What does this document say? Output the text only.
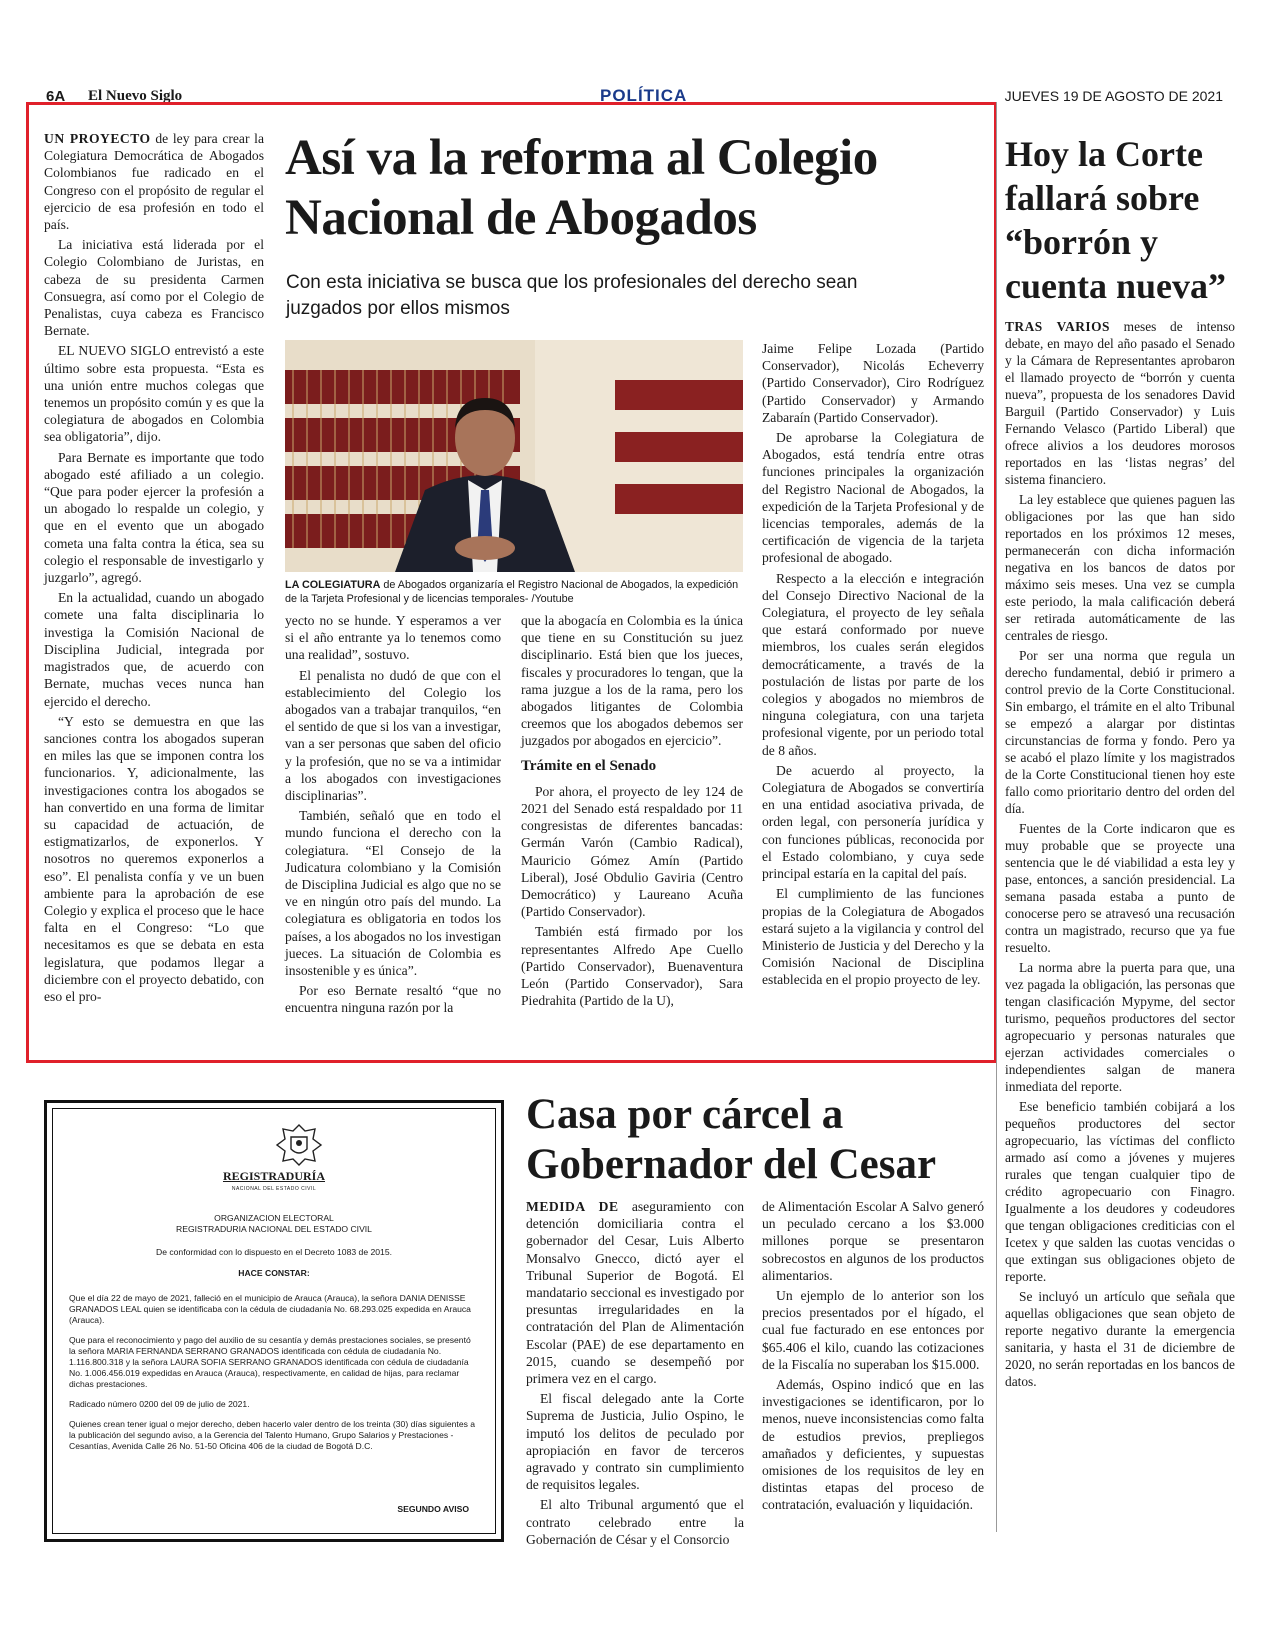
6A El Nuevo Siglo	POLÍTICA	JUEVES 19 DE AGOSTO DE 2021

UN PROYECTO de ley para crear la Colegiatura Democrática de Abogados Colombianos fue radicado en el Congreso con el propósito de regular el ejercicio de esa profesión en todo el país.

La iniciativa está liderada por el Colegio Colombiano de Juristas, en cabeza de su presidenta Carmen Consuegra, así como por el Colegio de Penalistas, cuya cabeza es Francisco Bernate.

EL NUEVO SIGLO entrevistó a este último sobre esta propuesta. “Esta es una unión entre muchos colegas que tenemos un propósito común y es que la colegiatura de abogados en Colombia sea obligatoria”, dijo.

Para Bernate es importante que todo abogado esté afiliado a un colegio. “Que para poder ejercer la profesión a un abogado lo respalde un colegio, y que en el evento que un abogado cometa una falta contra la ética, sea su colegio el responsable de investigarlo y juzgarlo”, agregó.

En la actualidad, cuando un abogado comete una falta disciplinaria lo investiga la Comisión Nacional de Disciplina Judicial, integrada por magistrados que, de acuerdo con Bernate, muchas veces nunca han ejercido el derecho.

“Y esto se demuestra en que las sanciones contra los abogados superan en miles las que se imponen contra los funcionarios. Y, adicionalmente, las investigaciones contra los abogados se han convertido en una forma de limitar su capacidad de actuación, de estigmatizarlos, de exponerlos. Y nosotros no queremos exponerlos a eso”. El penalista confía y ve un buen ambiente para la aprobación de ese Colegio y explica el proceso que le hace falta en el Congreso: “Lo que necesitamos es que se debata en esta legislatura, que podamos llegar a diciembre con el proyecto debatido, con eso el pro-

Así va la reforma al Colegio Nacional de Abogados
Con esta iniciativa se busca que los profesionales del derecho sean juzgados por ellos mismos
LA COLEGIATURA de Abogados organizaría el Registro Nacional de Abogados, la expedición de la Tarjeta Profesional y de licencias temporales- /Youtube

yecto no se hunde. Y esperamos a ver si el año entrante ya lo tenemos como una realidad”, sostuvo.

El penalista no dudó de que con el establecimiento del Colegio los abogados van a trabajar tranquilos, “en el sentido de que si los van a investigar, van a ser personas que saben del oficio y la profesión, que no se va a intimidar a los abogados con investigaciones disciplinarias”.

También, señaló que en todo el mundo funciona el derecho con la colegiatura. “El Consejo de la Judicatura colombiano y la Comisión de Disciplina Judicial es algo que no se ve en ningún otro país del mundo. La colegiatura es obligatoria en todos los países, a los abogados no los investigan jueces. La situación de Colombia es insostenible y es única”.

Por eso Bernate resaltó “que no encuentra ninguna razón por la

que la abogacía en Colombia es la única que tiene en su Constitución su juez disciplinario. Está bien que los jueces, fiscales y procuradores lo tengan, que la rama juzgue a los de la rama, pero los abogados litigantes de Colombia creemos que los abogados debemos ser juzgados por abogados en ejercicio”.

Trámite en el Senado

Por ahora, el proyecto de ley 124 de 2021 del Senado está respaldado por 11 congresistas de diferentes bancadas: Germán Varón (Cambio Radical), Mauricio Gómez Amín (Partido Liberal), José Obdulio Gaviria (Centro Democrático) y Laureano Acuña (Partido Conservador).

También está firmado por los representantes Alfredo Ape Cuello (Partido Conservador), Buenaventura León (Partido Conservador), Sara Piedrahita (Partido de la U),

Jaime Felipe Lozada (Partido Conservador), Nicolás Echeverry (Partido Conservador), Ciro Rodríguez (Partido Conservador) y Armando Zabaraín (Partido Conservador).

De aprobarse la Colegiatura de Abogados, está tendría entre otras funciones principales la organización del Registro Nacional de Abogados, la expedición de la Tarjeta Profesional y de licencias temporales, además de la certificación de vigencia de la tarjeta profesional de abogado.

Respecto a la elección e integración del Consejo Directivo Nacional de la Colegiatura, el proyecto de ley señala que estará conformado por nueve miembros, los cuales serán elegidos democráticamente, a través de la postulación de listas por parte de los colegios y abogados no miembros de ninguna colegiatura, con una tarjeta profesional vigente, por un periodo total de 8 años.

De acuerdo al proyecto, la Colegiatura de Abogados se convertiría en una entidad asociativa privada, de orden legal, con personería jurídica y con funciones públicas, reconocida por el Estado colombiano, y cuya sede principal estaría en la capital del país.

El cumplimiento de las funciones propias de la Colegiatura de Abogados estará sujeto a la vigilancia y control del Ministerio de Justicia y del Derecho y la Comisión Nacional de Disciplina establecida en el propio proyecto de ley.

Hoy la Corte fallará sobre “borrón y cuenta nueva”

TRAS VARIOS meses de intenso debate, en mayo del año pasado el Senado y la Cámara de Representantes aprobaron el llamado proyecto de “borrón y cuenta nueva”, propuesta de los senadores David Barguil (Partido Conservador) y Luis Fernando Velasco (Partido Liberal) que ofrece alivios a los deudores morosos reportados en las ‘listas negras’ del sistema financiero.

La ley establece que quienes paguen las obligaciones por las que han sido reportados en los próximos 12 meses, permanecerán con dicha información negativa en los bancos de datos por máximo seis meses. Una vez se cumpla este periodo, la mala calificación deberá ser retirada automáticamente de las centrales de riesgo.

Por ser una norma que regula un derecho fundamental, debió ir primero a control previo de la Corte Constitucional. Sin embargo, el trámite en el alto Tribunal se empezó a alargar por distintas circunstancias de forma y fondo. Pero ya se acabó el plazo límite y los magistrados de la Corte Constitucional tienen hoy este fallo como prioritario dentro del orden del día.

Fuentes de la Corte indicaron que es muy probable que se proyecte una sentencia que le dé viabilidad a esta ley y pase, entonces, a sanción presidencial. La semana pasada estaba a punto de conocerse pero se atravesó una recusación contra un magistrado, recurso que ya fue resuelto.

La norma abre la puerta para que, una vez pagada la obligación, las personas que tengan clasificación Mypyme, del sector turismo, pequeños productores del sector agropecuario y personas naturales que ejerzan actividades comerciales o independientes salgan de manera inmediata del reporte.

Ese beneficio también cobijará a los pequeños productores del sector agropecuario, las víctimas del conflicto armado así como a jóvenes y mujeres rurales que tengan cualquier tipo de crédito agropecuario con Finagro. Igualmente a los deudores y codeudores que tengan obligaciones crediticias con el Icetex y que salden las cuotas vencidas o que extingan sus obligaciones objeto de reporte.

Se incluyó un artículo que señala que aquellas obligaciones que sean objeto de reporte negativo durante la emergencia sanitaria, y hasta el 31 de diciembre de 2020, no serán reportadas en los bancos de datos.

Casa por cárcel a Gobernador del Cesar

MEDIDA DE aseguramiento con detención domiciliaria contra el gobernador del Cesar, Luis Alberto Monsalvo Gnecco, dictó ayer el Tribunal Superior de Bogotá. El mandatario seccional es investigado por presuntas irregularidades en la contratación del Plan de Alimentación Escolar (PAE) de ese departamento en 2015, cuando se desempeñó por primera vez en el cargo.

El fiscal delegado ante la Corte Suprema de Justicia, Julio Ospino, le imputó los delitos de peculado por apropiación en favor de terceros agravado y contrato sin cumplimiento de requisitos legales.

El alto Tribunal argumentó que el contrato celebrado entre la Gobernación de César y el Consorcio

de Alimentación Escolar A Salvo generó un peculado cercano a los $3.000 millones porque se presentaron sobrecostos en algunos de los productos alimentarios.

Un ejemplo de lo anterior son los precios presentados por el hígado, el cual fue facturado en ese entonces por $65.406 el kilo, cuando las cotizaciones de la Fiscalía no superaban los $15.000.

Además, Ospino indicó que en las investigaciones se identificaron, por lo menos, nueve inconsistencias como falta de estudios previos, prepliegos amañados y deficientes, y supuestas omisiones de los requisitos de ley en distintas etapas del proceso de contratación, evaluación y liquidación.

REGISTRADURÍA
NACIONAL DEL ESTADO CIVIL
ORGANIZACION ELECTORAL
REGISTRADURIA NACIONAL DEL ESTADO CIVIL
De conformidad con lo dispuesto en el Decreto 1083 de 2015.
HACE CONSTAR:

Que el día 22 de mayo de 2021, falleció en el municipio de Arauca (Arauca), la señora DANIA DENISSE GRANADOS LEAL quien se identificaba con la cédula de ciudadanía No. 68.293.025 expedida en Arauca (Arauca).

Que para el reconocimiento y pago del auxilio de su cesantía y demás prestaciones sociales, se presentó la señora MARIA FERNANDA SERRANO GRANADOS identificada con cédula de ciudadanía No. 1.116.800.318 y la señora LAURA SOFIA SERRANO GRANADOS identificada con cédula de ciudadanía No. 1.006.456.019 expedidas en Arauca (Arauca), respectivamente, en calidad de hijas, para reclamar dichas prestaciones.

Radicado número 0200 del 09 de julio de 2021.

Quienes crean tener igual o mejor derecho, deben hacerlo valer dentro de los treinta (30) días siguientes a la publicación del segundo aviso, a la Gerencia del Talento Humano, Grupo Salarios y Prestaciones - Cesantías, Avenida Calle 26 No. 51-50 Oficina 406 de la ciudad de Bogotá D.C.

SEGUNDO AVISO
